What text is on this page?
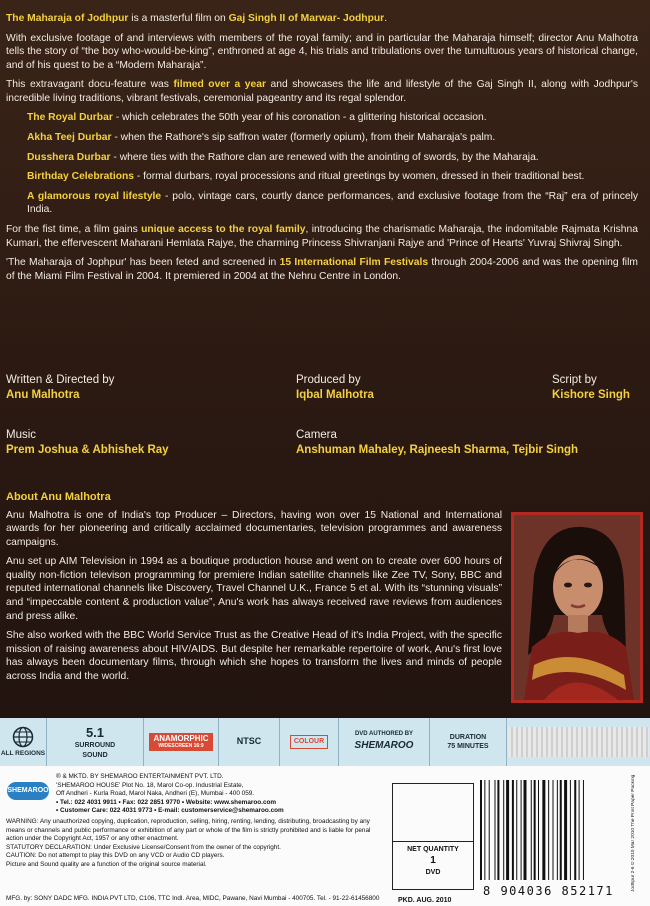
The Maharaja of Jodhpur is a masterful film on Gaj Singh II of Marwar- Jodhpur.

With exclusive footage of and interviews with members of the royal family; and in particular the Maharaja himself; director Anu Malhotra tells the story of “the boy who-would-be-king”, enthroned at age 4, his trials and tribulations over the tumultuous years of historical change, and of his quest to be a “Modern Maharaja”.

This extravagant docu-feature was filmed over a year and showcases the life and lifestyle of the Gaj Singh II, along with Jodhpur's incredible living traditions, vibrant festivals, ceremonial pageantry and its regal splendor.

The Royal Durbar - which celebrates the 50th year of his coronation - a glittering historical occasion.

Akha Teej Durbar - when the Rathore's sip saffron water (formerly opium), from their Maharaja's palm.

Dusshera Durbar - where ties with the Rathore clan are renewed with the anointing of swords, by the Maharaja.

Birthday Celebrations - formal durbars, royal processions and ritual greetings by women, dressed in their traditional best.

A glamorous royal lifestyle - polo, vintage cars, courtly dance performances, and exclusive footage from the “Raj” era of princely India.

For the fist time, a film gains unique access to the royal family, introducing the charismatic Maharaja, the indomitable Rajmata Krishna Kumari, the effervescent Maharani Hemlata Rajye, the charming Princess Shivranjani Rajye and 'Prince of Hearts' Yuvraj Shivraj Singh.

'The Maharaja of Jophpur' has been feted and screened in 15 International Film Festivals through 2004-2006 and was the opening film of the Miami Film Festival in 2004. It premiered in 2004 at the Nehru Centre in London.

Written & Directed by
Anu Malhotra
Produced by
Iqbal Malhotra
Script by
Kishore Singh
Music
Prem Joshua & Abhishek Ray
Camera
Anshuman Mahaley, Rajneesh Sharma, Tejbir Singh
About Anu Malhotra

Anu Malhotra is one of India's top Producer – Directors, having won over 15 National and International awards for her pioneering and critically acclaimed documentaries, television programmes and awareness campaigns.

Anu set up AIM Television in 1994 as a boutique production house and went on to create over 600 hours of quality non-fiction televison programming for premiere Indian satellite channels like Zee TV, Sony, BBC and reputed international channels like Discovery, Travel Channel U.K., France 5 et al. With its “stunning visuals” and “impeccable content & production value”, Anu's work has always received rave reviews from audiences and press alike.

She also worked with the BBC World Service Trust as the Creative Head of it's India Project, with the specific mission of raising awareness about HIV/AIDS. But despite her remarkable repertoire of work, Anu's first love has always been documentary films, through which she hopes to transform the lives and minds of people across India and the world.

ALL REGIONS
5.1
SURROUND SOUND
ANAMORPHIC
WIDESCREEN 16:9	NTSC	COLOUR
DVD AUTHORED BY
SHEMAROO
DURATION
75 MINUTES
SHEMAROO
® & MKTD. BY SHEMAROO ENTERTAINMENT PVT. LTD.
'SHEMAROO HOUSE' Plot No. 18, Marol Co-op. Industrial Estate,
Off Andheri - Kurla Road, Marol Naka, Andheri (E), Mumbai - 400 059.
• Tel.: 022 4031 9911 • Fax: 022 2851 9770 • Website: www.shemaroo.com
• Customer Care: 022 4031 9773 • E-mail: customerservice@shemaroo.com
WARNING: Any unauthorized copying, duplication, reproduction, selling, hiring, renting, lending, distributing, broadcasting by any means or channels and public performance or exhibition of any part or whole of the film is strictly prohibited and is liable for penal action under the Copyright Act, 1957 or any other enactment.
STATUTORY DECLARATION: Under Exclusive License/Consent from the owner of the copyright.
CAUTION: Do not attempt to play this DVD on any VCD or Audio CD players.
Picture and Sound quality are a function of the original source material.
MFG. by: SONY DADC MFG. INDIA PVT LTD, C106, TTC Indl. Area, MIDC, Pawane, Navi Mumbai - 400705. Tel. - 91-22-61456800
NET QUANTITY
1
DVD
PKD. AUG. 2010
8 904036 852171	Jodhpur 2-6 © 2010 Mar 2010 The Print Paper Packing
